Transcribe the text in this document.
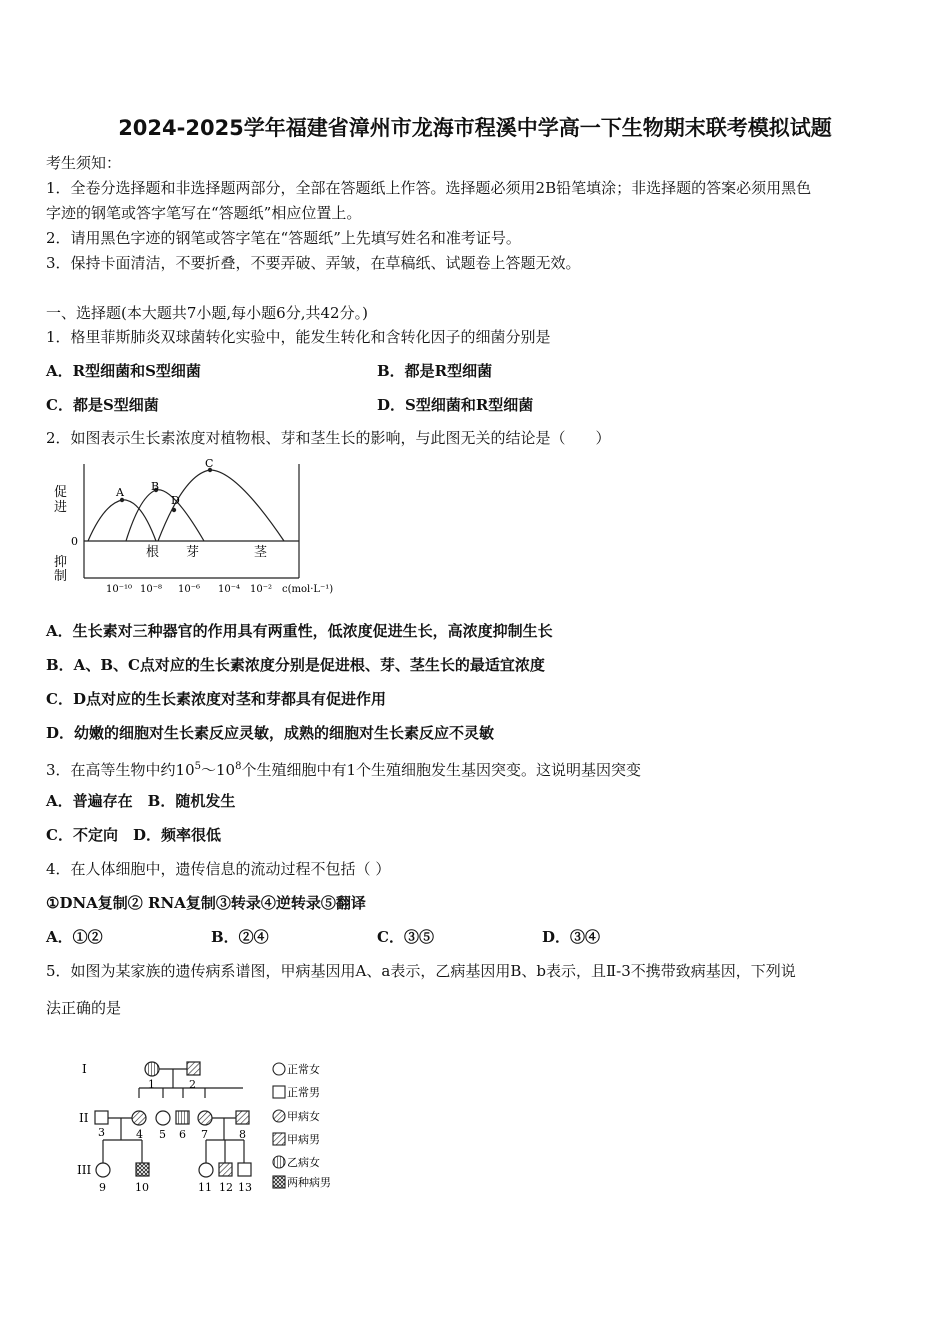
2024-2025学年福建省漳州市龙海市程溪中学高一下生物期末联考模拟试题
考生须知：
1．全卷分选择题和非选择题两部分，全部在答题纸上作答。选择题必须用2B铅笔填涂；非选择题的答案必须用黑色
字迹的钢笔或答字笔写在“答题纸”相应位置上。
2．请用黑色字迹的钢笔或答字笔在“答题纸”上先填写姓名和准考证号。
3．保持卡面清洁，不要折叠，不要弄破、弄皱，在草稿纸、试题卷上答题无效。
一、选择题(本大题共7小题,每小题6分,共42分。)
1．格里菲斯肺炎双球菌转化实验中，能发生转化和含转化因子的细菌分别是
A．R型细菌和S型细菌	B．都是R型细菌
C．都是S型细菌	D．S型细菌和R型细菌
2．如图表示生长素浓度对植物根、芽和茎生长的影响，与此图无关的结论是（　　）
促
进
抑
制
0
A B
C
D
根 芽	茎
10⁻¹⁰ 10⁻⁸ 10⁻⁶ 10⁻⁴ 10⁻² c(mol·L⁻¹)
A．生长素对三种器官的作用具有两重性，低浓度促进生长，高浓度抑制生长
B．A、B、C点对应的生长素浓度分别是促进根、芽、茎生长的最适宜浓度
C．D点对应的生长素浓度对茎和芽都具有促进作用
D．幼嫩的细胞对生长素反应灵敏，成熟的细胞对生长素反应不灵敏
3．在高等生物中约$10^5\sim 10^8$个生殖细胞中有1个生殖细胞发生基因突变。这说明基因突变
A．普遍存在　B．随机发生
C．不定向　D．频率很低
4．在人体细胞中，遗传信息的流动过程不包括（ ）
①DNA复制② RNA复制③转录④逆转录⑤翻译
A．①②	B．②④	C．③⑤	D．③④
5．如图为某家族的遗传病系谱图，甲病基因用A、a表示，乙病基因用B、b表示，且Ⅱ-3不携带致病基因，下列说
法正确的是
I
II
III
1	2
3	4 5 6 7	8
9	10	11 12 13
正常女
正常男
甲病女
甲病男
乙病女
两种病男
